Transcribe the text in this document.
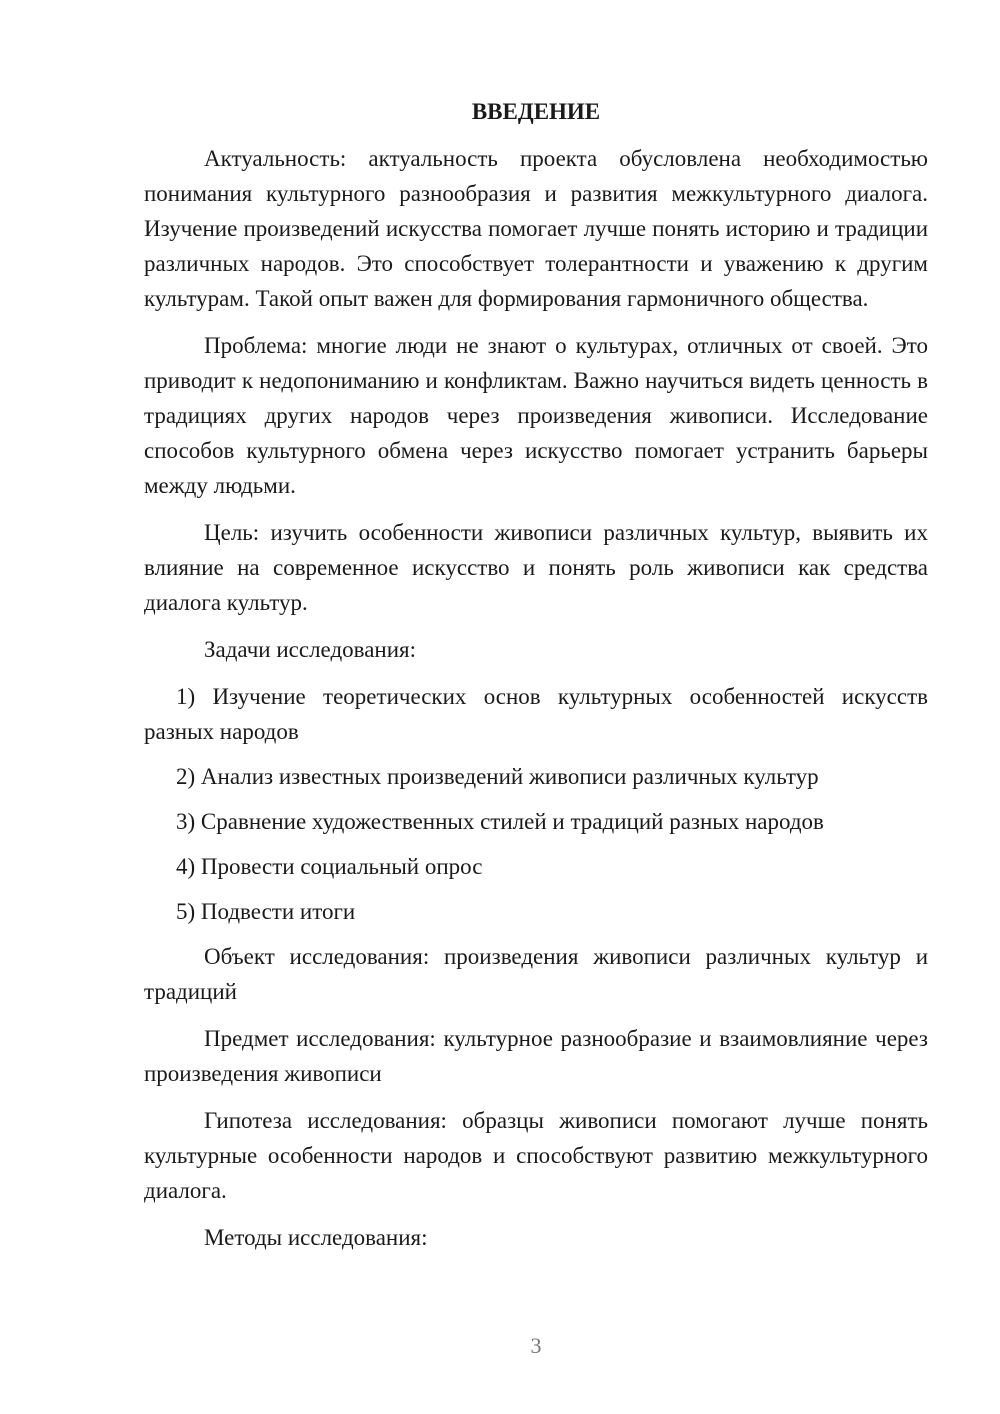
ВВЕДЕНИЕ

Актуальность: актуальность проекта обусловлена необходимостью понимания культурного разнообразия и развития межкультурного диалога. Изучение произведений искусства помогает лучше понять историю и традиции различных народов. Это способствует толерантности и уважению к другим культурам. Такой опыт важен для формирования гармоничного общества.

Проблема: многие люди не знают о культурах, отличных от своей. Это приводит к недопониманию и конфликтам. Важно научиться видеть ценность в традициях других народов через произведения живописи. Исследование способов культурного обмена через искусство помогает устранить барьеры между людьми.

Цель: изучить особенности живописи различных культур, выявить их влияние на современное искусство и понять роль живописи как средства диалога культур.

Задачи исследования:

1) Изучение теоретических основ культурных особенностей искусств разных народов

2) Анализ известных произведений живописи различных культур

3) Сравнение художественных стилей и традиций разных народов

4) Провести социальный опрос

5) Подвести итоги

Объект исследования: произведения живописи различных культур и традиций

Предмет исследования: культурное разнообразие и взаимовлияние через произведения живописи

Гипотеза исследования: образцы живописи помогают лучше понять культурные особенности народов и способствуют развитию межкультурного диалога.

Методы исследования:

3
